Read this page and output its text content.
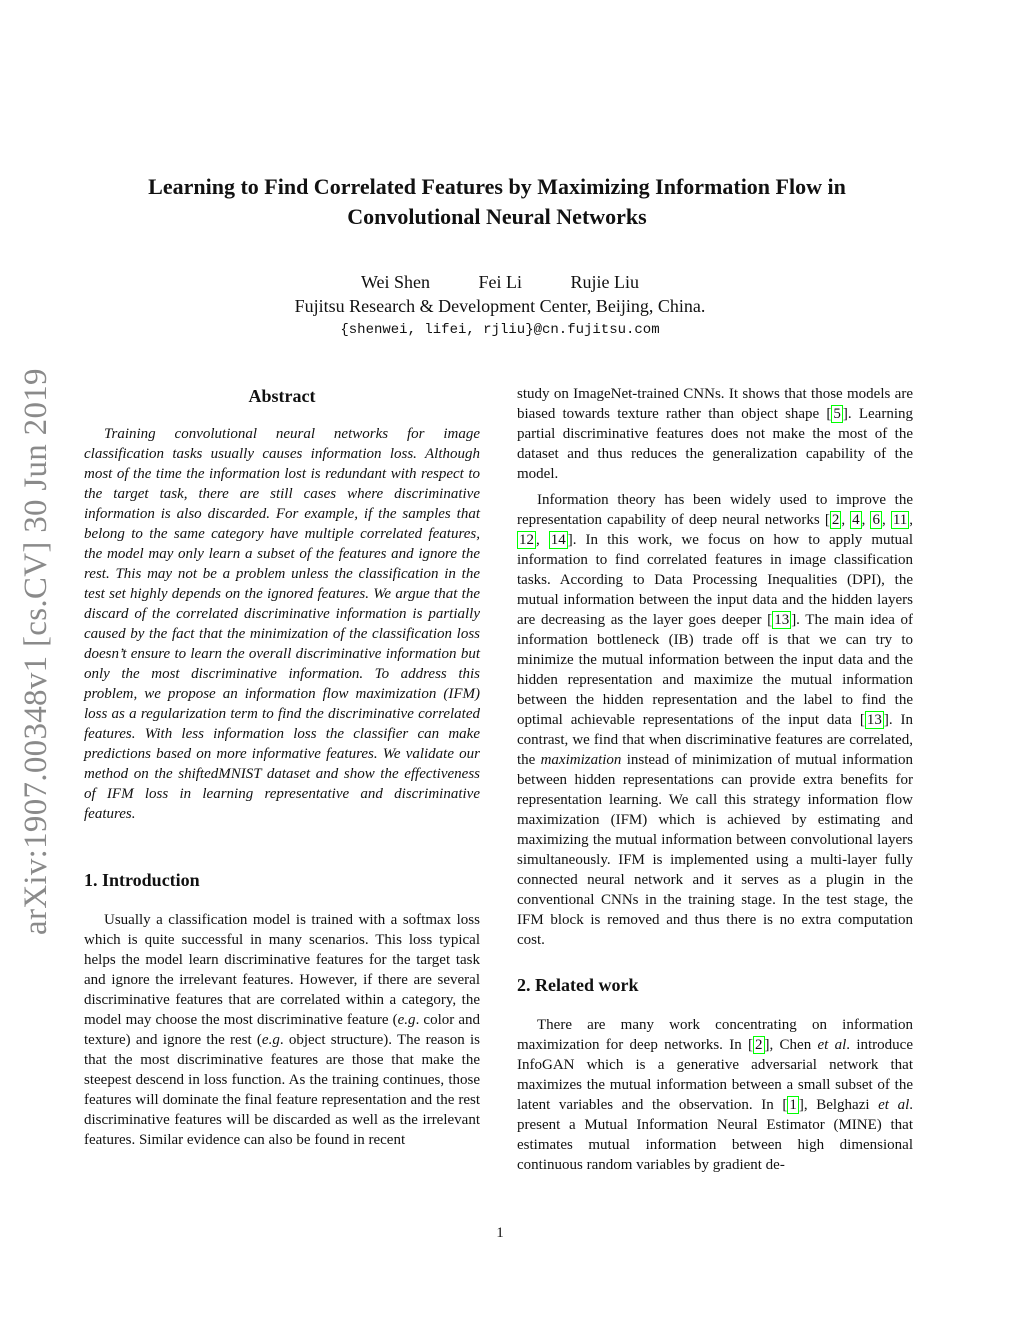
arXiv:1907.00348v1 [cs.CV] 30 Jun 2019
Learning to Find Correlated Features by Maximizing Information Flow in
Convolutional Neural Networks
Wei Shen	Fei Li	Rujie Liu
Fujitsu Research & Development Center, Beijing, China.
{shenwei, lifei, rjliu}@cn.fujitsu.com
Abstract

Training convolutional neural networks for image classification tasks usually causes information loss. Although most of the time the information lost is redundant with respect to the target task, there are still cases where discriminative information is also discarded. For example, if the samples that belong to the same category have multiple correlated features, the model may only learn a subset of the features and ignore the rest. This may not be a problem unless the classification in the test set highly depends on the ignored features. We argue that the discard of the correlated discriminative information is partially caused by the fact that the minimization of the classification loss doesn’t ensure to learn the overall discriminative information but only the most discriminative information. To address this problem, we propose an information flow maximization (IFM) loss as a regularization term to find the discriminative correlated features. With less information loss the classifier can make predictions based on more informative features. We validate our method on the shiftedMNIST dataset and show the effectiveness of IFM loss in learning representative and discriminative features.

1. Introduction

Usually a classification model is trained with a softmax loss which is quite successful in many scenarios. This loss typical helps the model learn discriminative features for the target task and ignore the irrelevant features. However, if there are several discriminative features that are correlated within a category, the model may choose the most discriminative feature (e.g. color and texture) and ignore the rest (e.g. object structure). The reason is that the most discriminative features are those that make the steepest descend in loss function. As the training continues, those features will dominate the final feature representation and the rest discriminative features will be discarded as well as the irrelevant features. Similar evidence can also be found in recent

study on ImageNet-trained CNNs. It shows that those models are biased towards texture rather than object shape [ 5 ]. Learning partial discriminative features does not make the most of the dataset and thus reduces the generalization capability of the model.

Information theory has been widely used to improve the representation capability of deep neural networks [ 2 , 4 , 6 , 11 , 12 , 14 ]. In this work, we focus on how to apply mutual information to find correlated features in image classification tasks. According to Data Processing Inequalities (DPI), the mutual information between the input data and the hidden layers are decreasing as the layer goes deeper [ 13 ]. The main idea of information bottleneck (IB) trade off is that we can try to minimize the mutual information between the input data and the hidden representation and maximize the mutual information between the hidden representation and the label to find the optimal achievable representations of the input data [ 13 ]. In contrast, we find that when discriminative features are correlated, the maximization instead of minimization of mutual information between hidden representations can provide extra benefits for representation learning. We call this strategy information flow maximization (IFM) which is achieved by estimating and maximizing the mutual information between convolutional layers simultaneously. IFM is implemented using a multi-layer fully connected neural network and it serves as a plugin in the conventional CNNs in the training stage. In the test stage, the IFM block is removed and thus there is no extra computation cost.

2. Related work

There are many work concentrating on information maximization for deep networks. In [ 2 ], Chen et al. introduce InfoGAN which is a generative adversarial network that maximizes the mutual information between a small subset of the latent variables and the observation. In [ 1 ], Belghazi et al. present a Mutual Information Neural Estimator (MINE) that estimates mutual information between high dimensional continuous random variables by gradient de-

1
